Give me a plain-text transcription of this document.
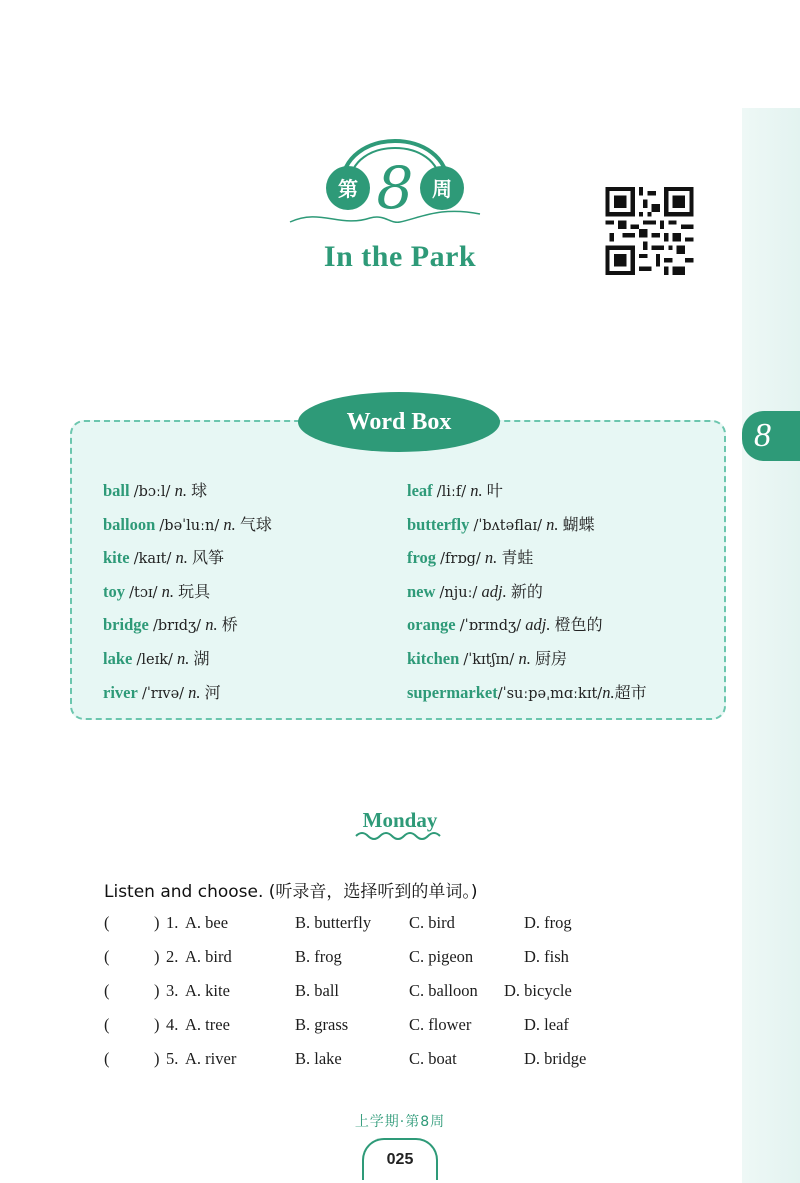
8
第 8 周
In the Park
Word Box
ball /bɔːl/ n. 球
balloon /bəˈluːn/ n. 气球
kite /kaɪt/ n. 风筝
toy /tɔɪ/ n. 玩具
bridge /brɪdʒ/ n. 桥
lake /leɪk/ n. 湖
river /ˈrɪvə/ n. 河
leaf /liːf/ n. 叶
butterfly /ˈbʌtəflaɪ/ n. 蝴蝶
frog /frɒg/ n. 青蛙
new /njuː/ adj. 新的
orange /ˈɒrɪndʒ/ adj. 橙色的
kitchen /ˈkɪtʃɪn/ n. 厨房
supermarket/ˈsuːpəˌmɑːkɪt/n.超市
Monday
Listen and choose. (听录音，选择听到的单词。)
(	) 1. A. bee	B. butterfly C. bird	D. frog
(	) 2. A. bird	B. frog	C. pigeon	D. fish
(	) 3. A. kite	B. ball	C. balloon D. bicycle
(	) 4. A. tree	B. grass	C. flower	D. leaf
(	) 5. A. river	B. lake	C. boat	D. bridge
上学期·第8周
025
